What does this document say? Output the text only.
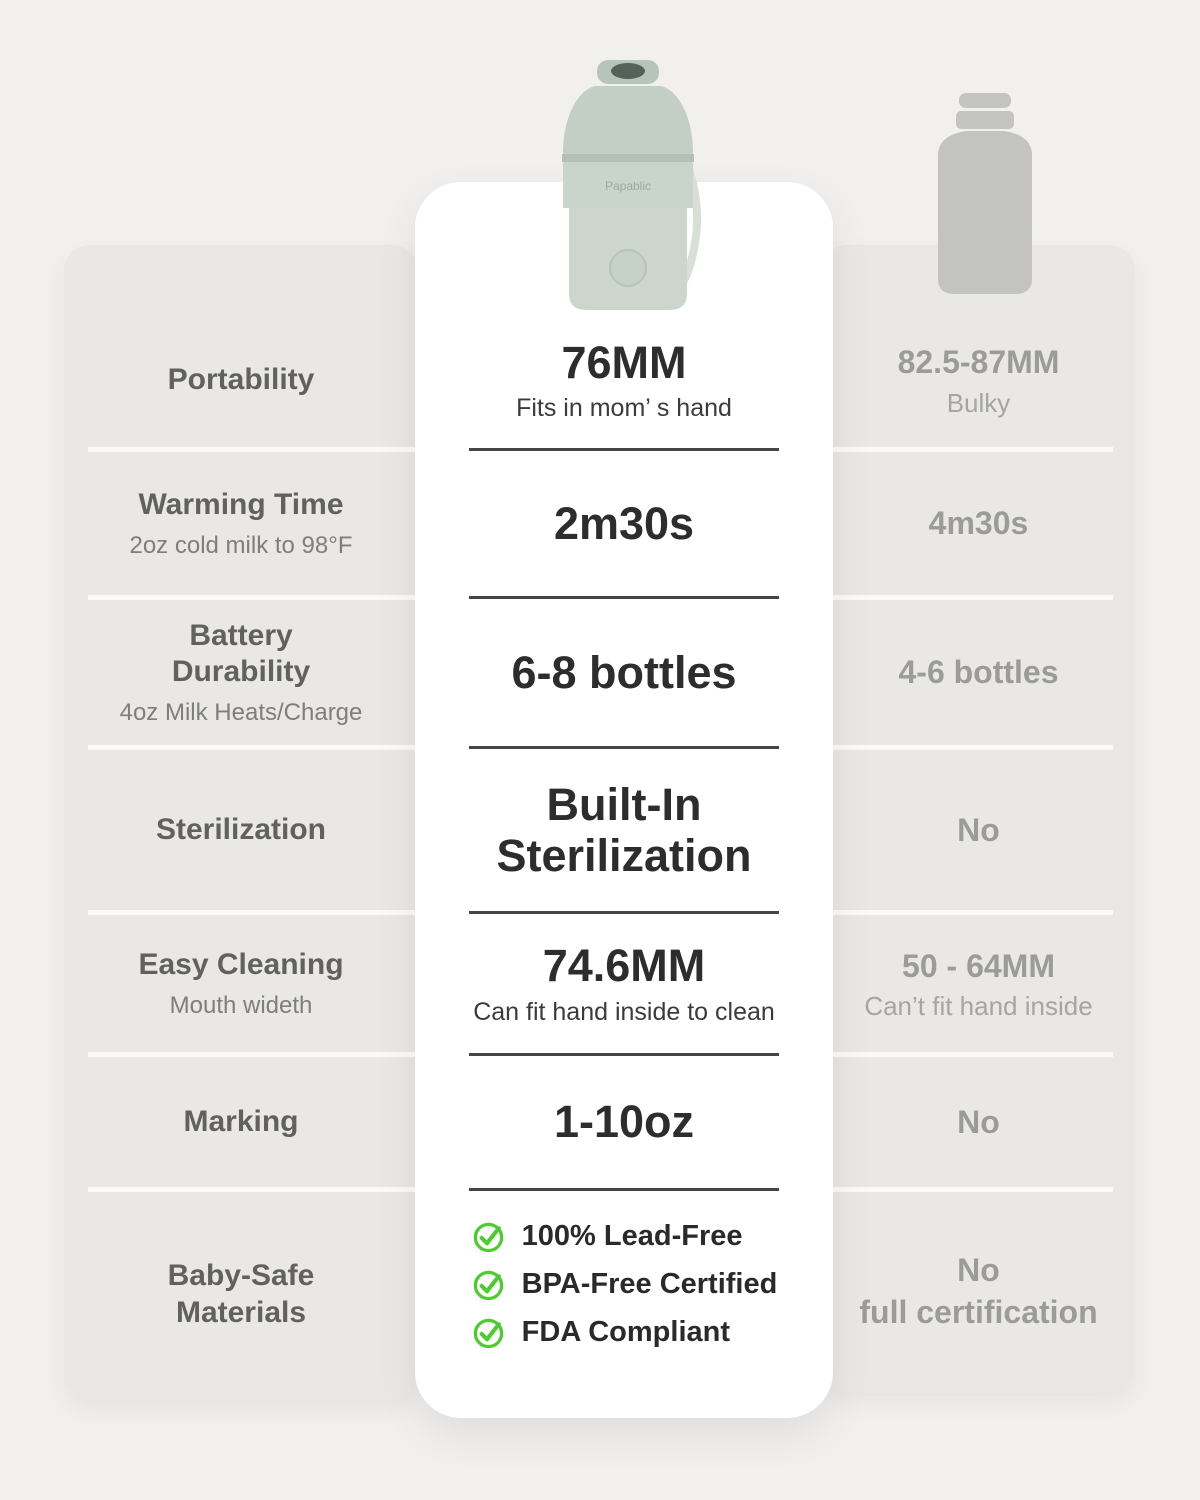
Portability
Warming Time
2oz cold milk to 98°F
Battery Durability
4oz Milk Heats/Charge
Sterilization
Easy Cleaning
Mouth wideth
Marking
Baby-Safe Materials
82.5-87MM
Bulky
4m30s
4-6 bottles
No
50 - 64MM
Can’t fit hand inside
No
No
full certification
76MM
Fits in mom’ s hand
2m30s
6-8 bottles
Built-In Sterilization
74.6MM
Can fit hand inside to clean
1-10oz
100% Lead-Free
BPA-Free Certified
FDA Compliant
Papablic
